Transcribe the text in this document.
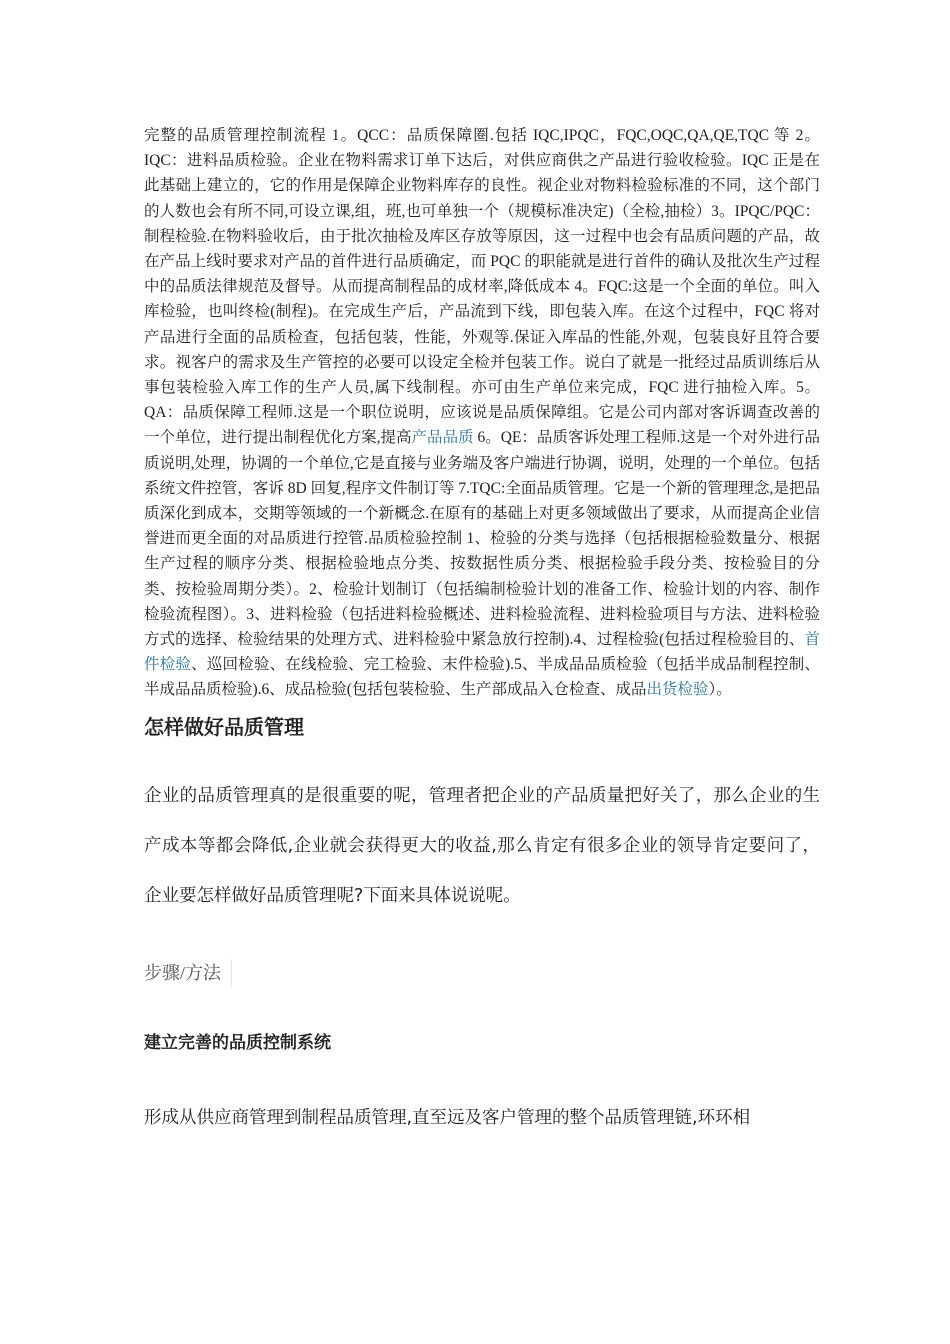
完整的品质管理控制流程 1。QCC：品质保障圈.包括 IQC,IPQC，FQC,OQC,QA,QE,TQC 等 2。IQC：进料品质检验。企业在物料需求订单下达后，对供应商供之产品进行验收检验。IQC 正是在此基础上建立的，它的作用是保障企业物料库存的良性。视企业对物料检验标准的不同，这个部门的人数也会有所不同,可设立课,组，班,也可单独一个（规模标准决定)（全检,抽检）3。IPQC/PQC：制程检验.在物料验收后，由于批次抽检及库区存放等原因，这一过程中也会有品质问题的产品，故在产品上线时要求对产品的首件进行品质确定，而 PQC 的职能就是进行首件的确认及批次生产过程中的品质法律规范及督导。从而提高制程品的成材率,降低成本 4。FQC:这是一个全面的单位。叫入库检验，也叫终检(制程)。在完成生产后，产品流到下线，即包装入库。在这个过程中，FQC 将对产品进行全面的品质检查，包括包装，性能，外观等.保证入库品的性能,外观，包装良好且符合要求。视客户的需求及生产管控的必要可以设定全检并包装工作。说白了就是一批经过品质训练后从事包装检验入库工作的生产人员,属下线制程。亦可由生产单位来完成，FQC 进行抽检入库。5。QA：品质保障工程师.这是一个职位说明，应该说是品质保障组。它是公司内部对客诉调查改善的一个单位，进行提出制程优化方案,提高产品品质 6。QE：品质客诉处理工程师.这是一个对外进行品质说明,处理，协调的一个单位,它是直接与业务端及客户端进行协调，说明，处理的一个单位。包括系统文件控管，客诉 8D 回复,程序文件制订等 7.TQC:全面品质管理。它是一个新的管理理念,是把品质深化到成本，交期等领域的一个新概念.在原有的基础上对更多领域做出了要求，从而提高企业信誉进而更全面的对品质进行控管.品质检验控制 1、检验的分类与选择（包括根据检验数量分、根据生产过程的顺序分类、根据检验地点分类、按数据性质分类、根据检验手段分类、按检验目的分类、按检验周期分类）。2、检验计划制订（包括编制检验计划的准备工作、检验计划的内容、制作检验流程图）。3、进料检验（包括进料检验概述、进料检验流程、进料检验项目与方法、进料检验方式的选择、检验结果的处理方式、进料检验中紧急放行控制).4、过程检验(包括过程检验目的、首件检验、巡回检验、在线检验、完工检验、末件检验).5、半成品品质检验（包括半成品制程控制、半成品品质检验).6、成品检验(包括包装检验、生产部成品入仓检查、成品出货检验）。

怎样做好品质管理

企业的品质管理真的是很重要的呢，管理者把企业的产品质量把好关了，那么企业的生产成本等都会降低,企业就会获得更大的收益,那么肯定有很多企业的领导肯定要问了，企业要怎样做好品质管理呢?下面来具体说说呢。

步骤/方法
建立完善的品质控制系统

形成从供应商管理到制程品质管理,直至远及客户管理的整个品质管理链,环环相
